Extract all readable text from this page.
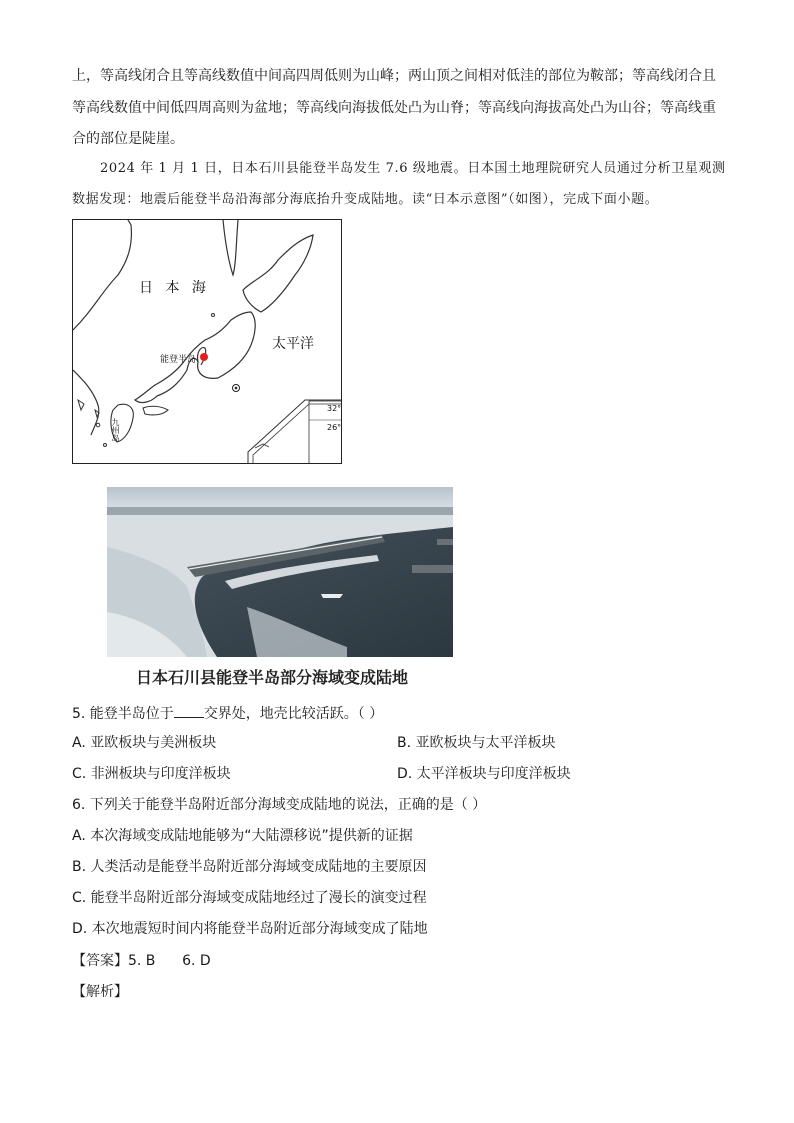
上，等高线闭合且等高线数值中间高四周低则为山峰；两山顶之间相对低洼的部位为鞍部；等高线闭合且
等高线数值中间低四周高则为盆地；等高线向海拔低处凸为山脊；等高线向海拔高处凸为山谷；等高线重
合的部位是陡崖。
2024 年 1 月 1 日，日本石川县能登半岛发生 7.6 级地震。日本国土地理院研究人员通过分析卫星观测
数据发现：地震后能登半岛沿海部分海底抬升变成陆地。读“日本示意图”（如图），完成下面小题。
日 本 海
太平洋
能登半岛
九州岛
32°
26°
日本石川县能登半岛部分海域变成陆地
5. 能登半岛位于 交界处，地壳比较活跃。（ ）
A. 亚欧板块与美洲板块	B. 亚欧板块与太平洋板块
C. 非洲板块与印度洋板块	D. 太平洋板块与印度洋板块
6. 下列关于能登半岛附近部分海域变成陆地的说法，正确的是（ ）
A. 本次海域变成陆地能够为“大陆漂移说”提供新的证据
B. 人类活动是能登半岛附近部分海域变成陆地的主要原因
C. 能登半岛附近部分海域变成陆地经过了漫长的演变过程
D. 本次地震短时间内将能登半岛附近部分海域变成了陆地
【答案】5. B      6. D
【解析】
